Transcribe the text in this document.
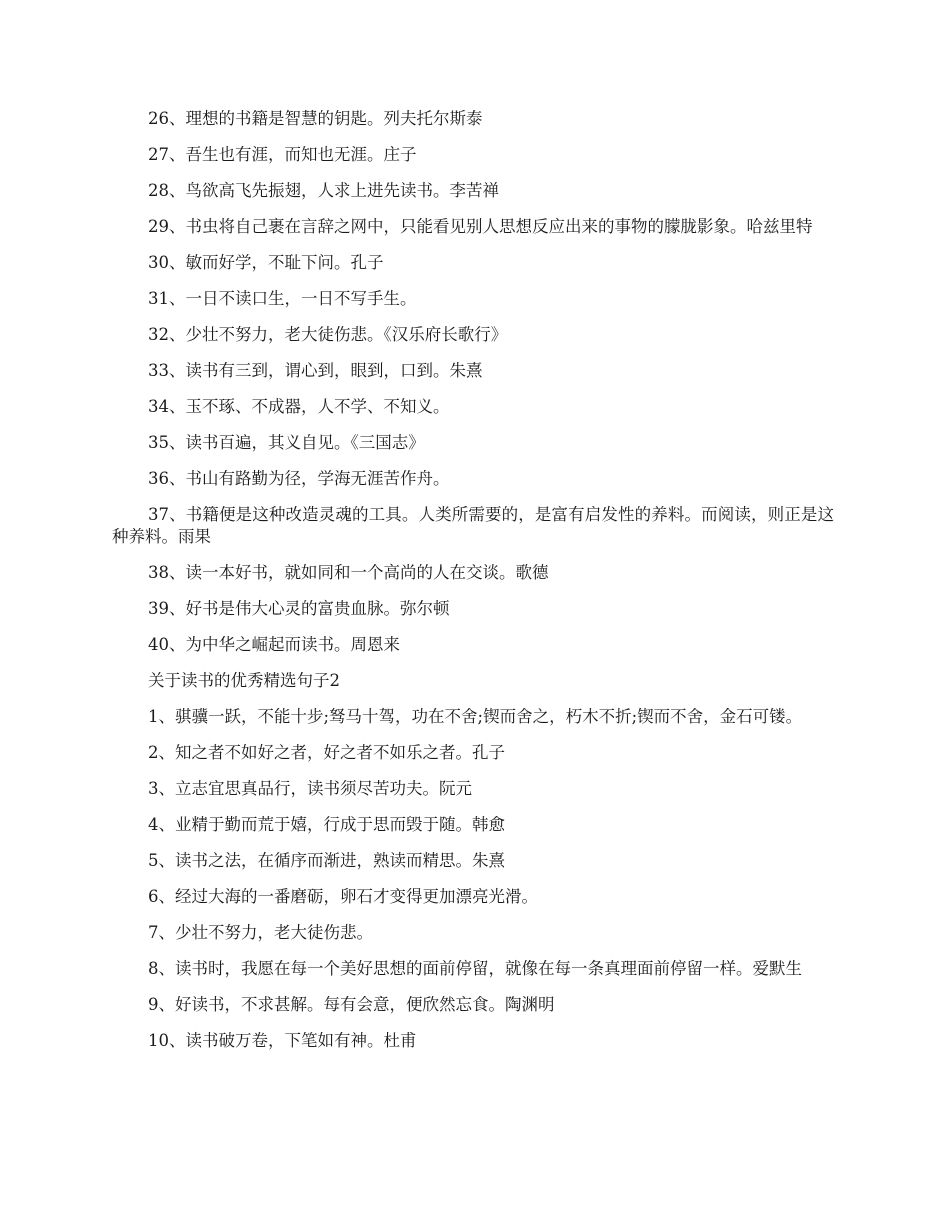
26、理想的书籍是智慧的钥匙。列夫托尔斯泰

27、吾生也有涯，而知也无涯。庄子

28、鸟欲高飞先振翅，人求上进先读书。李苦禅

29、书虫将自己裹在言辞之网中，只能看见别人思想反应出来的事物的朦胧影象。哈兹里特

30、敏而好学，不耻下问。孔子

31、一日不读口生，一日不写手生。

32、少壮不努力，老大徒伤悲。《汉乐府长歌行》

33、读书有三到，谓心到，眼到，口到。朱熹

34、玉不琢、不成器，人不学、不知义。

35、读书百遍，其义自见。《三国志》

36、书山有路勤为径，学海无涯苦作舟。

37、书籍便是这种改造灵魂的工具。人类所需要的，是富有启发性的养料。而阅读，则正是这种养料。雨果

38、读一本好书，就如同和一个高尚的人在交谈。歌德

39、好书是伟大心灵的富贵血脉。弥尔顿

40、为中华之崛起而读书。周恩来

关于读书的优秀精选句子2

1、骐骥一跃，不能十步;驽马十驾，功在不舍;锲而舍之，朽木不折;锲而不舍，金石可镂。

2、知之者不如好之者，好之者不如乐之者。孔子

3、立志宜思真品行，读书须尽苦功夫。阮元

4、业精于勤而荒于嬉，行成于思而毁于随。韩愈

5、读书之法，在循序而渐进，熟读而精思。朱熹

6、经过大海的一番磨砺，卵石才变得更加漂亮光滑。

7、少壮不努力，老大徒伤悲。

8、读书时，我愿在每一个美好思想的面前停留，就像在每一条真理面前停留一样。爱默生

9、好读书，不求甚解。每有会意，便欣然忘食。陶渊明

10、读书破万卷，下笔如有神。杜甫
